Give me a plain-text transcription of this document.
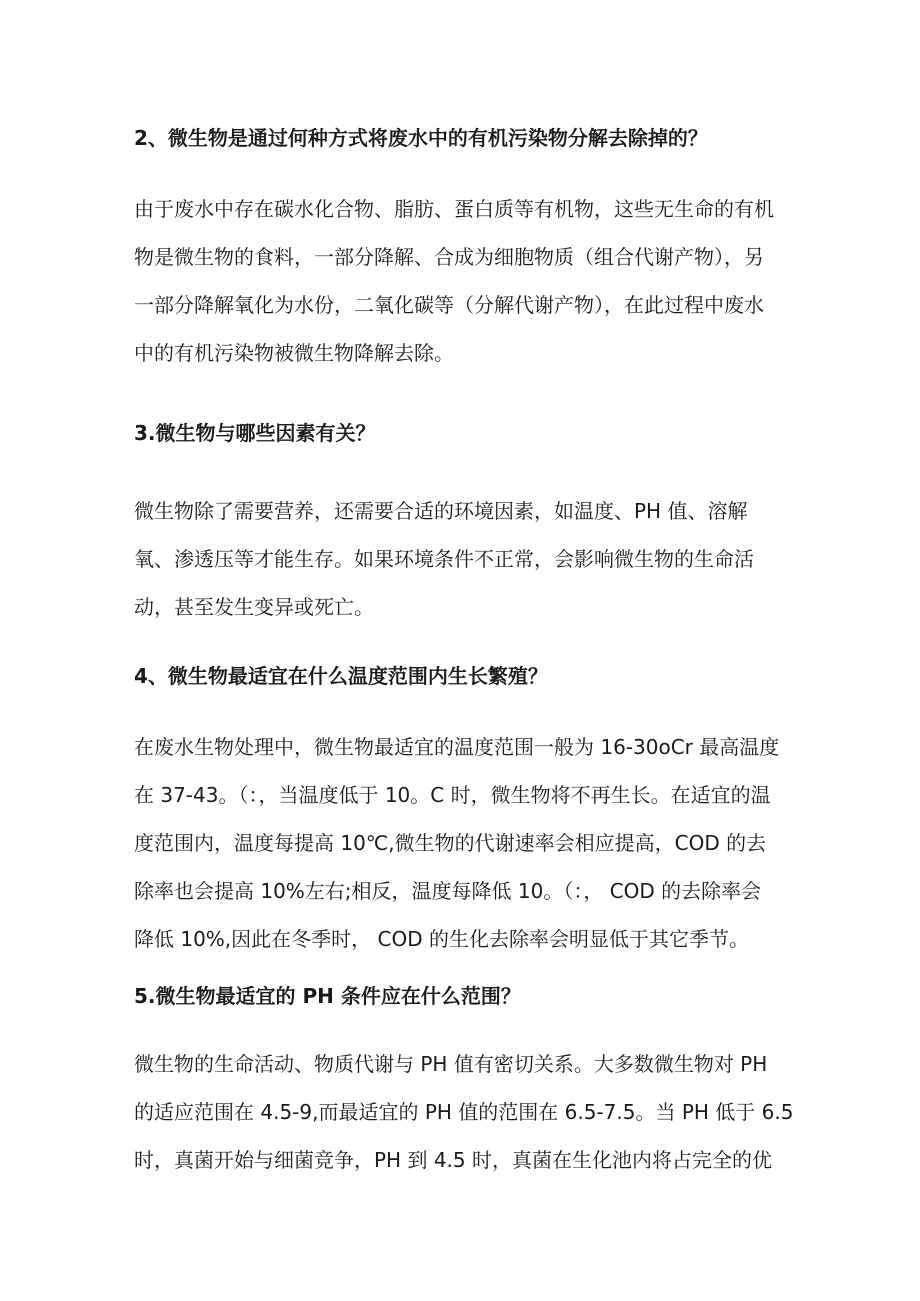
2、微生物是通过何种方式将废水中的有机污染物分解去除掉的？
由于废水中存在碳水化合物、脂肪、蛋白质等有机物，这些无生命的有机
物是微生物的食料，一部分降解、合成为细胞物质（组合代谢产物），另
一部分降解氧化为水份，二氧化碳等（分解代谢产物），在此过程中废水
中的有机污染物被微生物降解去除。
3.微生物与哪些因素有关？
微生物除了需要营养，还需要合适的环境因素，如温度、PH 值、溶解
氧、渗透压等才能生存。如果环境条件不正常，会影响微生物的生命活
动，甚至发生变异或死亡。
4、微生物最适宜在什么温度范围内生长繁殖？
在废水生物处理中，微生物最适宜的温度范围一般为 16-30oCr 最高温度
在 37-43。（：，当温度低于 10。C 时，微生物将不再生长。在适宜的温
度范围内，温度每提高 10℃,微生物的代谢速率会相应提高，COD 的去
除率也会提高 10%左右;相反，温度每降低 10。（：， COD 的去除率会
降低 10%,因此在冬季时， COD 的生化去除率会明显低于其它季节。
5.微生物最适宜的 PH 条件应在什么范围？
微生物的生命活动、物质代谢与 PH 值有密切关系。大多数微生物对 PH
的适应范围在 4.5-9,而最适宜的 PH 值的范围在 6.5-7.5。当 PH 低于 6.5
时，真菌开始与细菌竞争，PH 到 4.5 时，真菌在生化池内将占完全的优
